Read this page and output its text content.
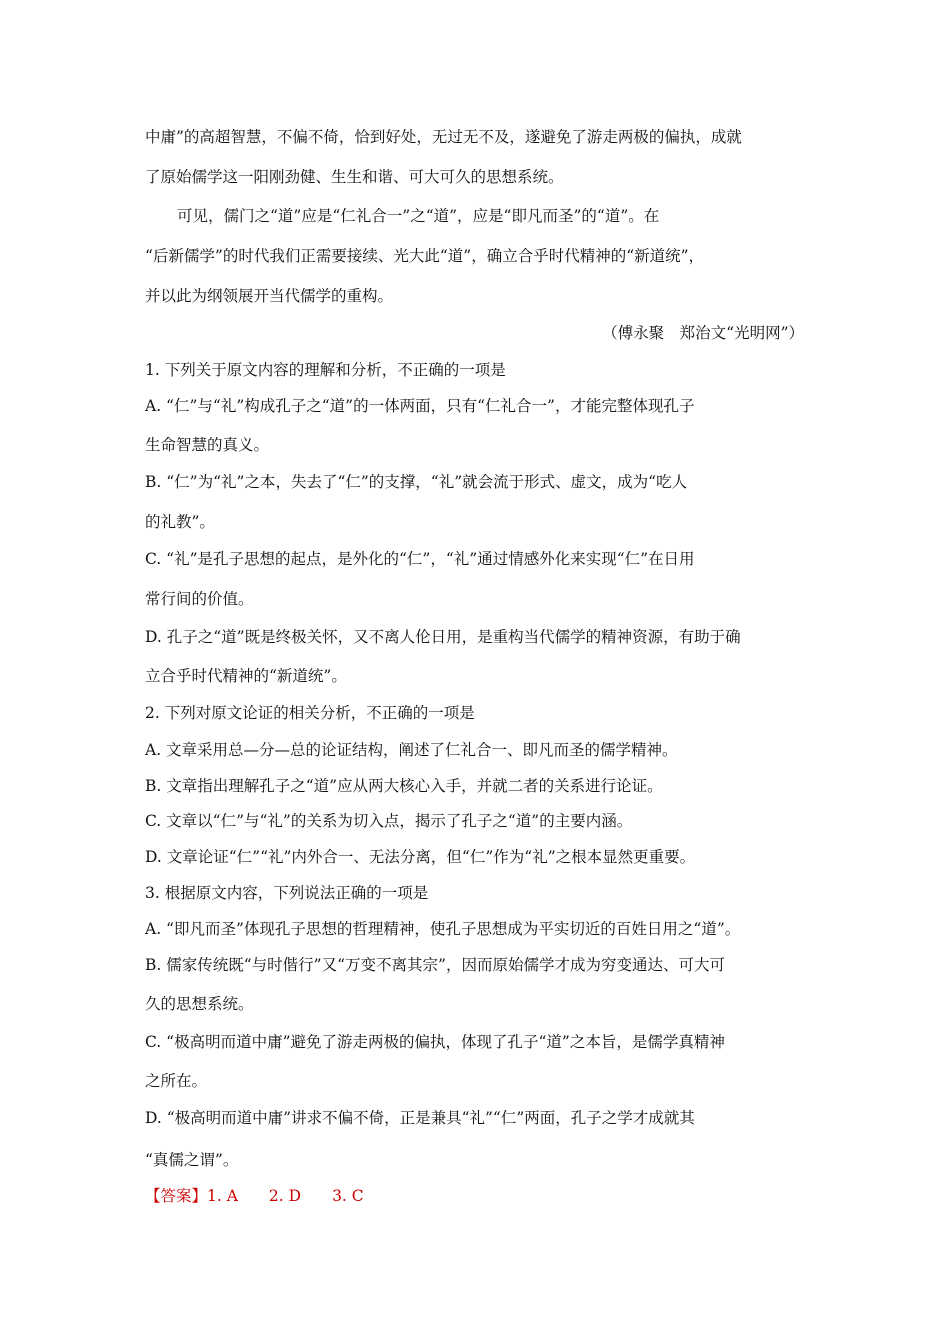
中庸”的高超智慧，不偏不倚，恰到好处，无过无不及，遂避免了游走两极的偏执，成就
了原始儒学这一阳刚劲健、生生和谐、可大可久的思想系统。
可见，儒门之“道”应是“仁礼合一”之“道”，应是“即凡而圣”的“道”。在
“后新儒学”的时代我们正需要接续、光大此“道”，确立合乎时代精神的“新道统”，
并以此为纲领展开当代儒学的重构。
（傅永聚　郑治文“光明网”）
1. 下列关于原文内容的理解和分析，不正确的一项是
A. “仁”与“礼”构成孔子之“道”的一体两面，只有“仁礼合一”，才能完整体现孔子
生命智慧的真义。
B. “仁”为“礼”之本，失去了“仁”的支撑，“礼”就会流于形式、虚文，成为“吃人
的礼教”。
C. “礼”是孔子思想的起点，是外化的“仁”，“礼”通过情感外化来实现“仁”在日用
常行间的价值。
D. 孔子之“道”既是终极关怀，又不离人伦日用，是重构当代儒学的精神资源，有助于确
立合乎时代精神的“新道统”。
2. 下列对原文论证的相关分析，不正确的一项是
A. 文章采用总—分—总的论证结构，阐述了仁礼合一、即凡而圣的儒学精神。
B. 文章指出理解孔子之“道”应从两大核心入手，并就二者的关系进行论证。
C. 文章以“仁”与“礼”的关系为切入点，揭示了孔子之“道”的主要内涵。
D. 文章论证“仁”“礼”内外合一、无法分离，但“仁”作为“礼”之根本显然更重要。
3. 根据原文内容，下列说法正确的一项是
A. “即凡而圣”体现孔子思想的哲理精神，使孔子思想成为平实切近的百姓日用之“道”。
B. 儒家传统既“与时偕行”又“万变不离其宗”，因而原始儒学才成为穷变通达、可大可
久的思想系统。
C. “极高明而道中庸”避免了游走两极的偏执，体现了孔子“道”之本旨，是儒学真精神
之所在。
D. “极高明而道中庸”讲求不偏不倚，正是兼具“礼”“仁”两面，孔子之学才成就其
“真儒之谓”。
【答案】1. A　　2. D　　3. C
